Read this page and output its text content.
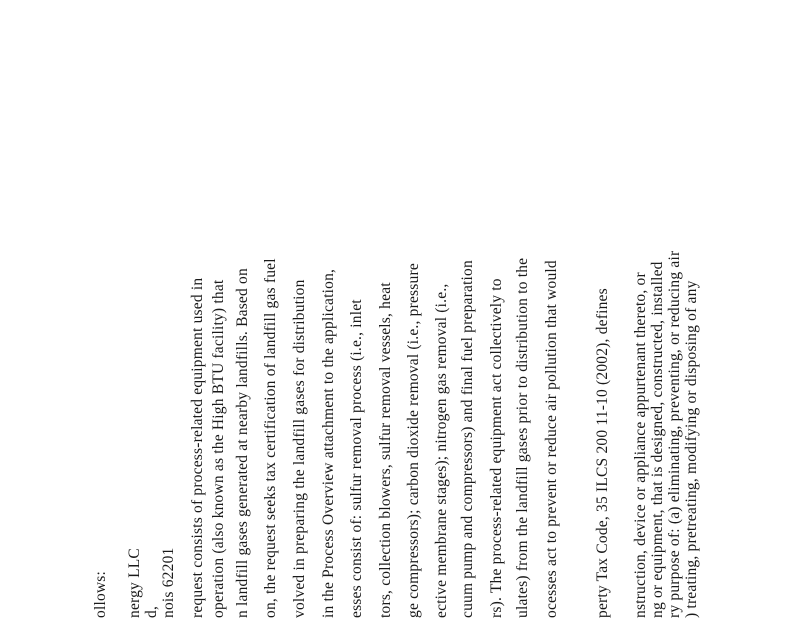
ollows: nergy LLC d, nois 62201 request consists of process-related equipment used in operation (also known as the High BTU facility) that n landfill gases generated at nearby landfills. Based on on, the request seeks tax certification of landfill gas fuel volved in preparing the landfill gases for distribution in the Process Overview attachment to the application, esses consist of: sulfur removal process (i.e., inlet tors, collection blowers, sulfur removal vessels, heat ge compressors); carbon dioxide removal (i.e., pressure ective membrane stages); nitrogen gas removal (i.e., cuum pump and compressors) and final fuel preparation rs). The process-related equipment act collectively to ulates) from the landfill gases prior to distribution to the ocesses act to prevent or reduce air pollution that would perty Tax Code, 35 ILCS 200 11-10 (2002), defines nstruction, device or appliance appurtenant thereto, or ng or equipment, that is designed, constructed, installed ry purpose of: (a) eliminating, preventing, or reducing air ) treating, pretreating, modifying or disposing of any
